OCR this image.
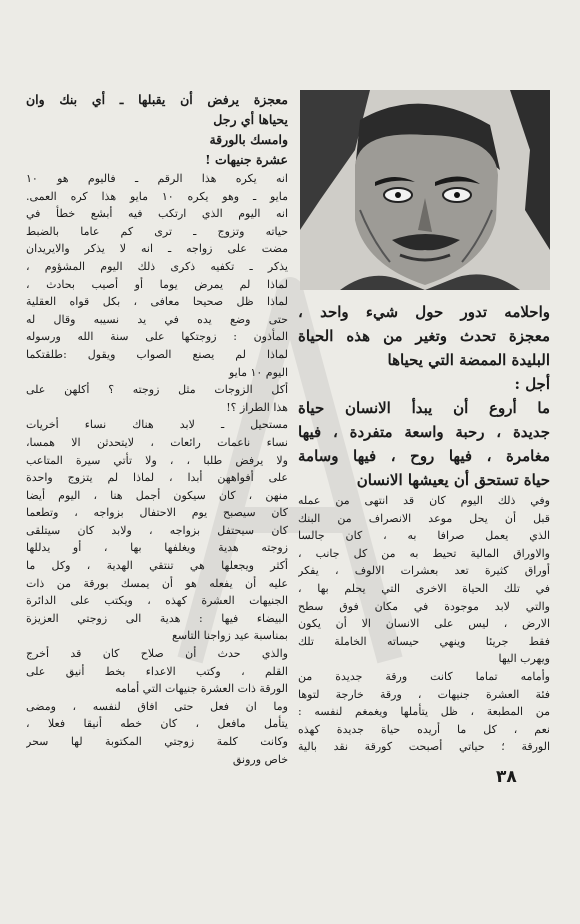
معجزة يرفض أن يقبلها ـ أي بنك وان
يحياها أي رجل
وامسك بالورقة
عشرة جنيهات !
انه يكره هذا الرقم ـ فاليوم هو ١٠
مايو ـ وهو يكره ١٠ مايو هذا كره العمى.
انه اليوم الذي ارتكب فيه أبشع خطأ في
حياته وتزوج ـ ترى كم عاما بالضبط
مضت على زواجه ـ انه لا يذكر والايريدان
يذكر ـ تكفيه ذكرى ذلك اليوم المشؤوم ،
لماذا لم يمرض يوما أو أصيب بحادث ،
لماذا ظل صحيحا معافى ، بكل قواه العقلية
حتى وضع يده في يد نسيبه وقال له
المأذون : زوجتكها على سنة الله ورسوله
لماذا لم يصنع الصواب ويقول :طلقتكما
اليوم ١٠ مايو
أكل الزوجات مثل زوجته ؟ أكلهن على
هذا الطراز ؟!
مستحيل ـ لابد هناك نساء أخريات
نساء ناعمات رائعات ، لايتحدثن الا همسا،
ولا يرفض طلبا ، ، ولا تأتي سيرة المتاعب
على أفواههن أبدا ، لماذا لم يتزوج واحدة
منهن ، كان سيكون أجمل هنا ، اليوم أيضا
كان سيصبح يوم الاحتفال بزواجه ، وتطعما
كان سيحتفل بزواجه ، ولابد كان سيتلقى
زوجته هدية ويغلفها بها ، أو يدللها
أكثر ويجعلها هي تنتقي الهدية ، وكل ما
عليه أن يفعله هو أن يمسك بورقة من ذات
الجنيهات العشرة كهذه ، ويكتب على الدائرة
البيضاء فيها : هدية الى زوجتي العزيزة
بمناسبة عيد زواجنا التاسع
والذي حدث أن صلاح كان قد أخرج
القلم ، وكتب الاعداء بخط أنيق على
الورقة ذات العشرة جنيهات التي أمامه
وما ان فعل حتى افاق لنفسه ، ومضى
يتأمل مافعل ، كان خطه أنيقا فعلا ،
وكانت كلمة زوجتي المكتوبة لها سحر
خاص ورونق
واحلامه تدور حول شيء واحد ،
معجزة تحدث وتغير من هذه الحياة
البليدة الممضة التي يحياها
أجل :
ما أروع أن يبدأ الانسان حياة
جديدة ، رحبة واسعة متفردة ، فيها
مغامرة ، فيها روح ، فيها وسامة
حياة تستحق أن يعيشها الانسان
وفي ذلك اليوم كان قد انتهى من عمله
قبل أن يحل موعد الانصراف من البنك
الذي يعمل صرافا به ، كان جالسا
والاوراق المالية تحيط به من كل جانب ،
أوراق كثيرة تعد بعشرات الالوف ، يفكر
في تلك الحياة الاخرى التي يحلم بها ،
والتي لابد موجودة في مكان فوق سطح
الارض ، ليس على الانسان الا أن يكون
فقط جريئا وينهي حيساته الخاملة تلك
ويهرب اليها
وأمامه تماما كانت ورقة جديدة من
فئة العشرة جنيهات ، ورقة خارجة لتوها
من المطبعة ، ظل يتأملها ويغمغم لنفسه :
نعم ، كل ما أريده حياة جديدة كهذه
الورقة ؛ حياتي أصبحت كورقة نقد بالية
٣٨
